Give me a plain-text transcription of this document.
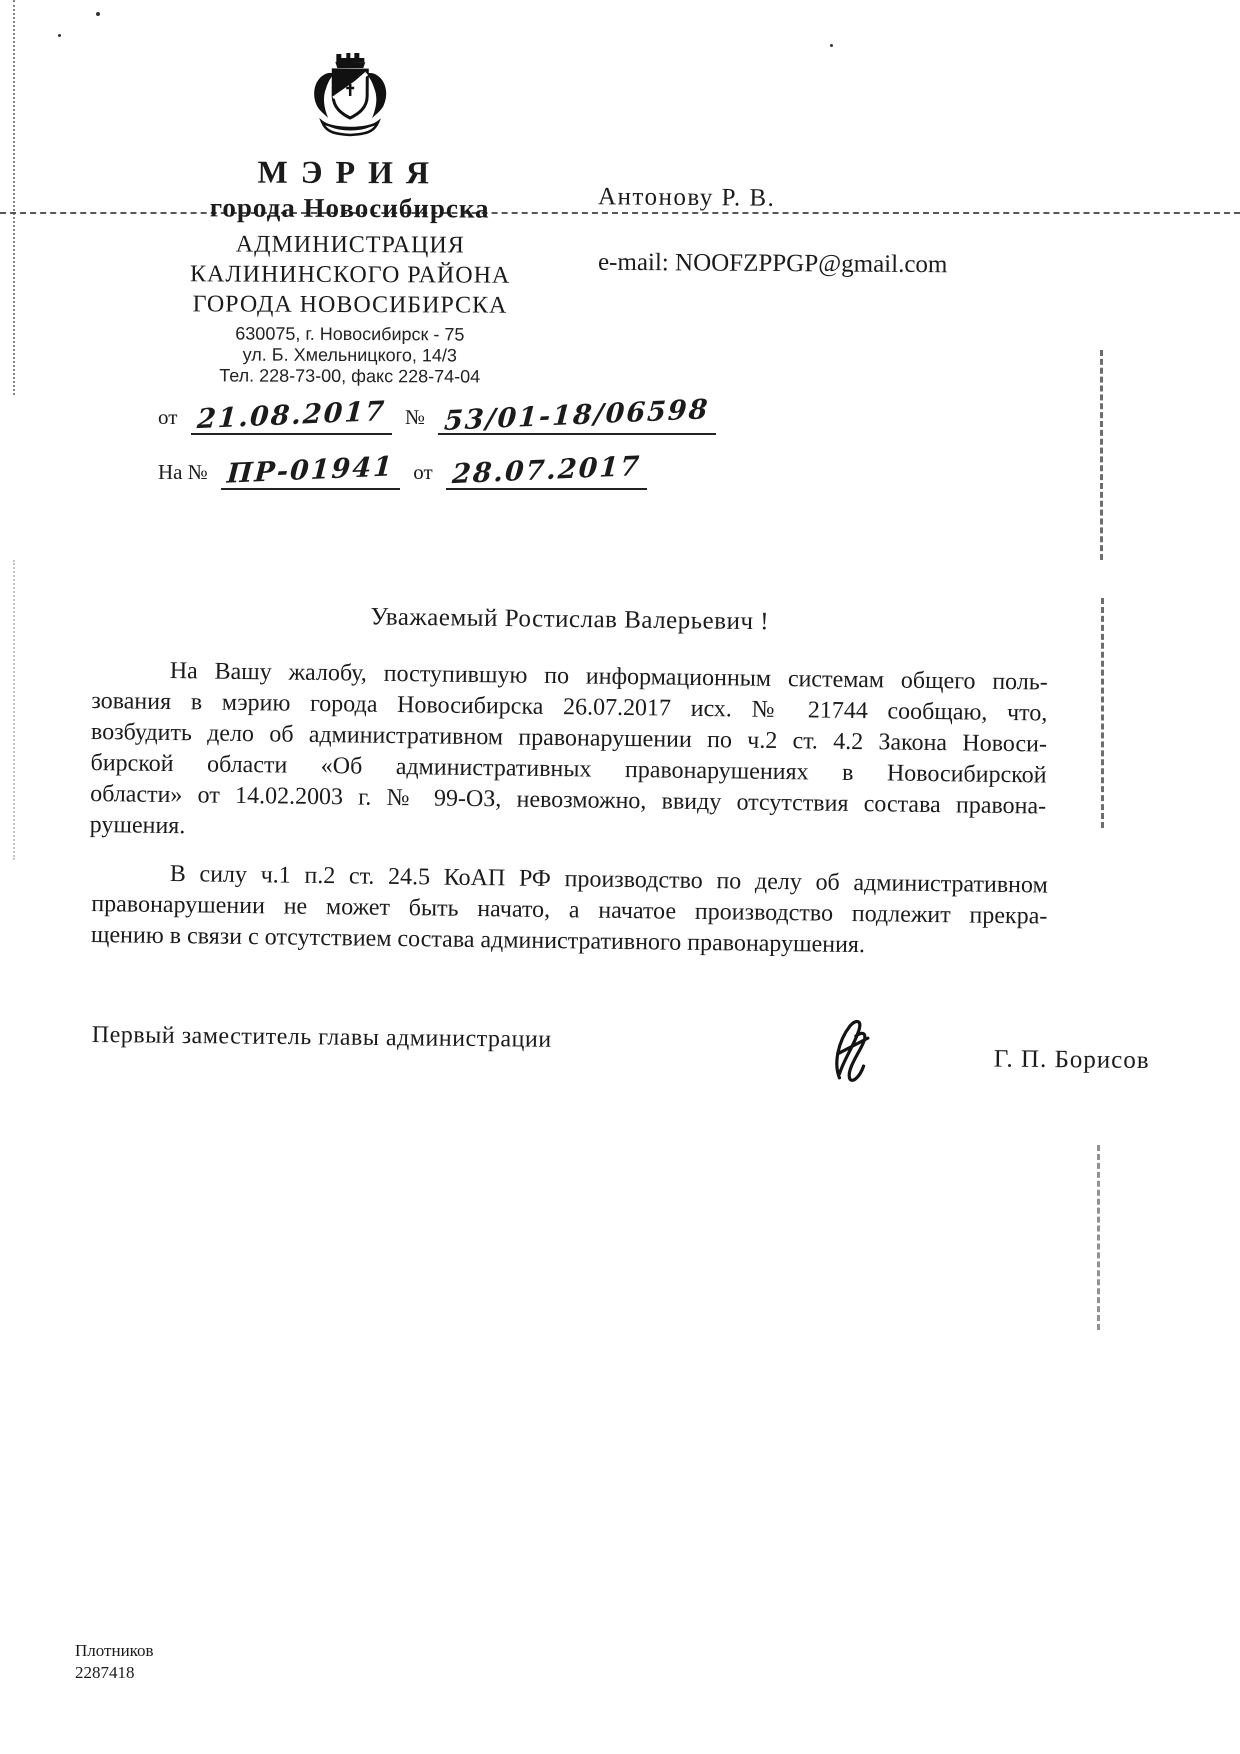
МЭРИЯ
города Новосибирска
АДМИНИСТРАЦИЯ
КАЛИНИНСКОГО РАЙОНА
ГОРОДА НОВОСИБИРСКА
630075, г. Новосибирск - 75
ул. Б. Хмельницкого, 14/3
Тел. 228-73-00, факс 228-74-04
Антонову Р. В.
e-mail: NOOFZPPGP@gmail.com
от 21.08.2017 № 53/01-18/06598
На № ПР-01941 от 28.07.2017
Уважаемый Ростислав Валерьевич !
На Вашу жалобу, поступившую по информационным системам общего поль-
зования в мэрию города Новосибирска 26.07.2017 исх. № 21744 сообщаю, что,
возбудить дело об административном правонарушении по ч.2 ст. 4.2 Закона Новоси-
бирской области «Об административных правонарушениях в Новосибирской
области» от 14.02.2003 г. № 99-ОЗ, невозможно, ввиду отсутствия состава правона-
рушения.
В силу ч.1 п.2 ст. 24.5 КоАП РФ производство по делу об административном
правонарушении не может быть начато, а начатое производство подлежит прекра-
щению в связи с отсутствием состава административного правонарушения.
Первый заместитель главы администрации
Г. П. Борисов
Плотников
2287418
